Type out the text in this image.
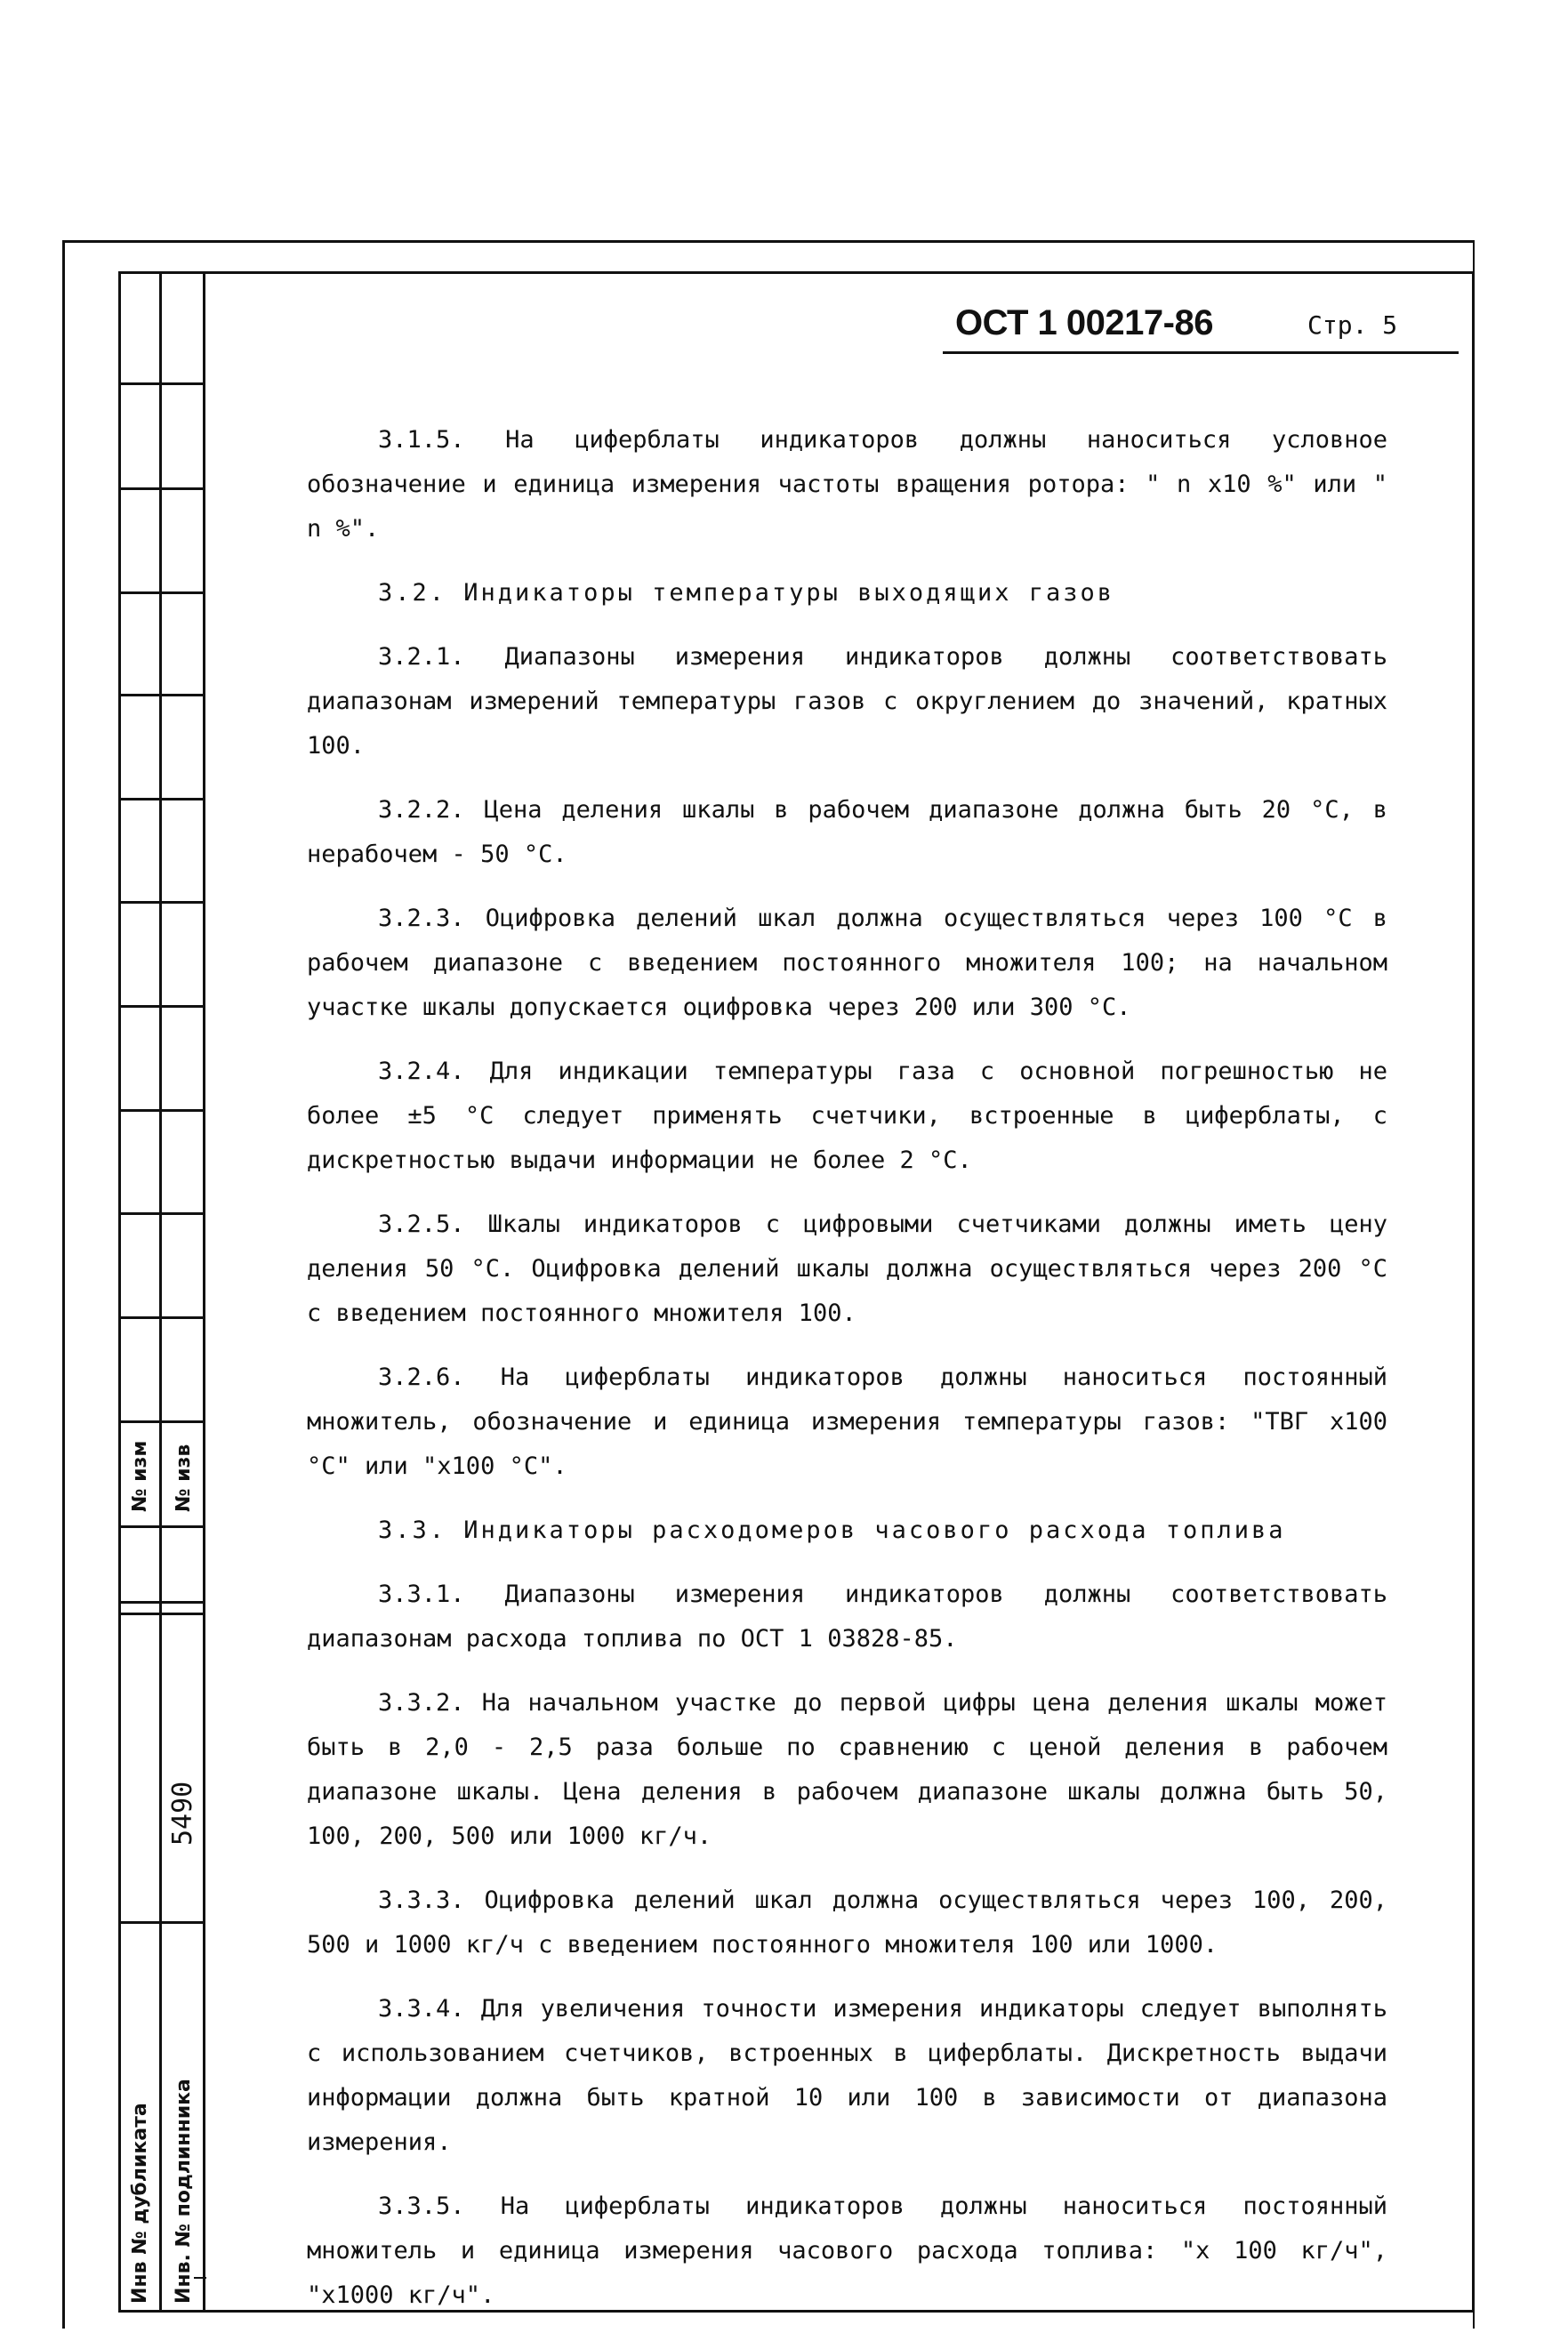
№ изм № изв
5490
Инв № дубликата Инв. № подлинника
ОСТ 1 00217-86	Стр. 5

3.1.5. На циферблаты индикаторов должны наноситься условное обозначение и единица измерения частоты вращения ротора: " n x10 %" или " n %".

3.2. Индикаторы температуры выходящих газов

3.2.1. Диапазоны измерения индикаторов должны соответствовать диапазонам измерений температуры газов с округлением до значений, кратных 100.

3.2.2. Цена деления шкалы в рабочем диапазоне должна быть 20 °C, в нерабочем - 50 °C.

3.2.3. Оцифровка делений шкал должна осуществляться через 100 °C в рабочем диапазоне с введением постоянного множителя 100; на начальном участке шкалы допускается оцифровка через 200 или 300 °C.

3.2.4. Для индикации температуры газа с основной погрешностью не более ±5 °C следует применять счетчики, встроенные в циферблаты, с дискретностью выдачи информации не более 2 °C.

3.2.5. Шкалы индикаторов с цифровыми счетчиками должны иметь цену деления 50 °C. Оцифровка делений шкалы должна осуществляться через 200 °C с введением постоянного множителя 100.

3.2.6. На циферблаты индикаторов должны наноситься постоянный множитель, обозначение и единица измерения температуры газов: "ТВГ x100 °C" или "x100 °C".

3.3. Индикаторы расходомеров часового расхода топлива

3.3.1. Диапазоны измерения индикаторов должны соответствовать диапазонам расхода топлива по ОСТ 1 03828-85.

3.3.2. На начальном участке до первой цифры цена деления шкалы может быть в 2,0 - 2,5 раза больше по сравнению с ценой деления в рабочем диапазоне шкалы. Цена деления в рабочем диапазоне шкалы должна быть 50, 100, 200, 500 или 1000 кг/ч.

3.3.3. Оцифровка делений шкал должна осуществляться через 100, 200, 500 и 1000 кг/ч с введением постоянного множителя 100 или 1000.

3.3.4. Для увеличения точности измерения индикаторы следует выполнять с использованием счетчиков, встроенных в циферблаты. Дискретность выдачи информации должна быть кратной 10 или 100 в зависимости от диапазона измерения.

3.3.5. На циферблаты индикаторов должны наноситься постоянный множитель и единица измерения часового расхода топлива: "x 100 кг/ч", "x1000 кг/ч".
